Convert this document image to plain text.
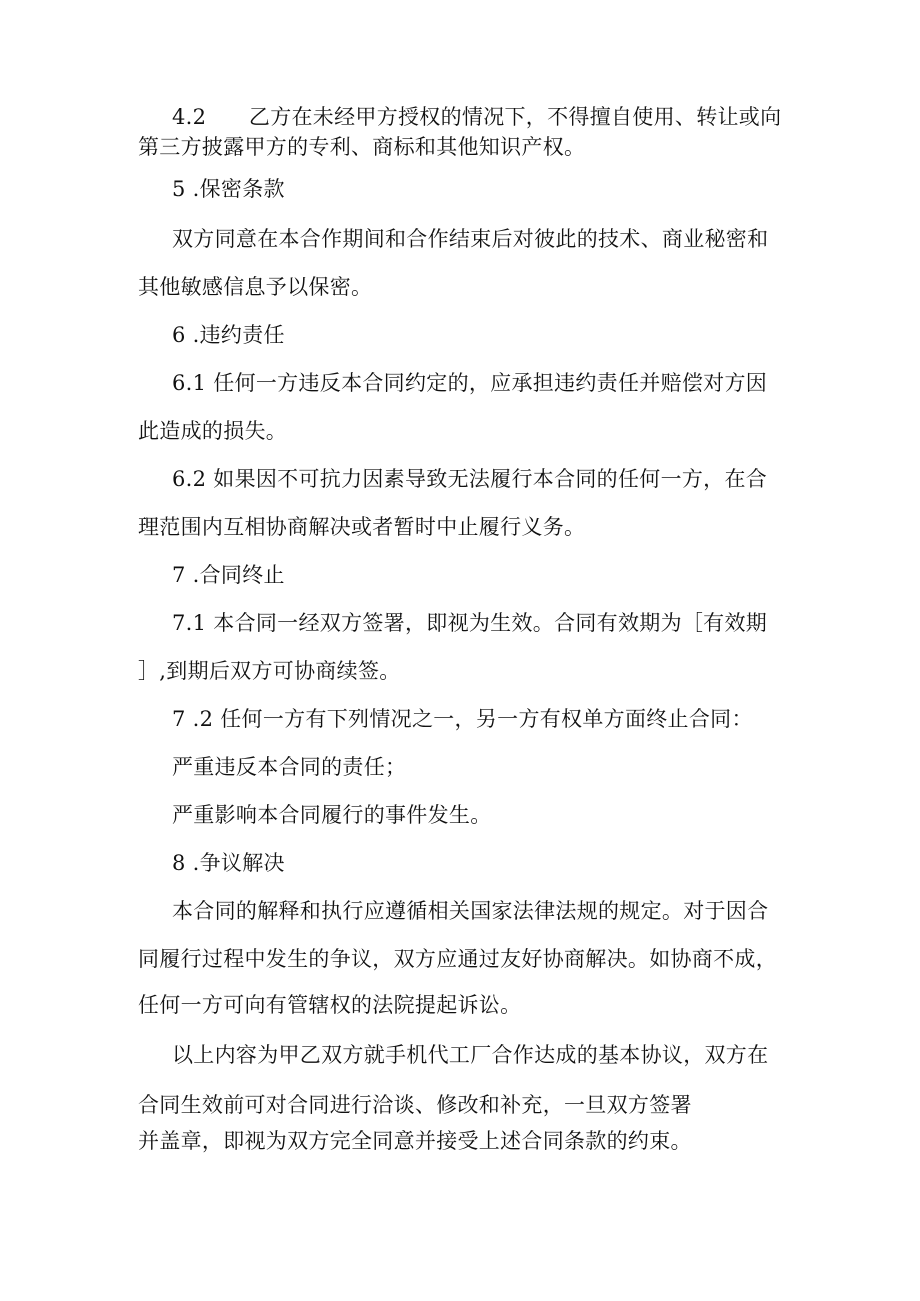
4.2　　乙方在未经甲方授权的情况下，不得擅自使用、转让或向
第三方披露甲方的专利、商标和其他知识产权。
5 .保密条款
双方同意在本合作期间和合作结束后对彼此的技术、商业秘密和
其他敏感信息予以保密。
6 .违约责任
6.1 任何一方违反本合同约定的，应承担违约责任并赔偿对方因
此造成的损失。
6.2 如果因不可抗力因素导致无法履行本合同的任何一方，在合
理范围内互相协商解决或者暂时中止履行义务。
7 .合同终止
7.1 本合同一经双方签署，即视为生效。合同有效期为［有效期
］,到期后双方可协商续签。
7 .2 任何一方有下列情况之一，另一方有权单方面终止合同：
严重违反本合同的责任；
严重影响本合同履行的事件发生。
8 .争议解决
本合同的解释和执行应遵循相关国家法律法规的规定。对于因合
同履行过程中发生的争议，双方应通过友好协商解决。如协商不成，
任何一方可向有管辖权的法院提起诉讼。
以上内容为甲乙双方就手机代工厂合作达成的基本协议，双方在
合同生效前可对合同进行洽谈、修改和补充，一旦双方签署
并盖章，即视为双方完全同意并接受上述合同条款的约束。
